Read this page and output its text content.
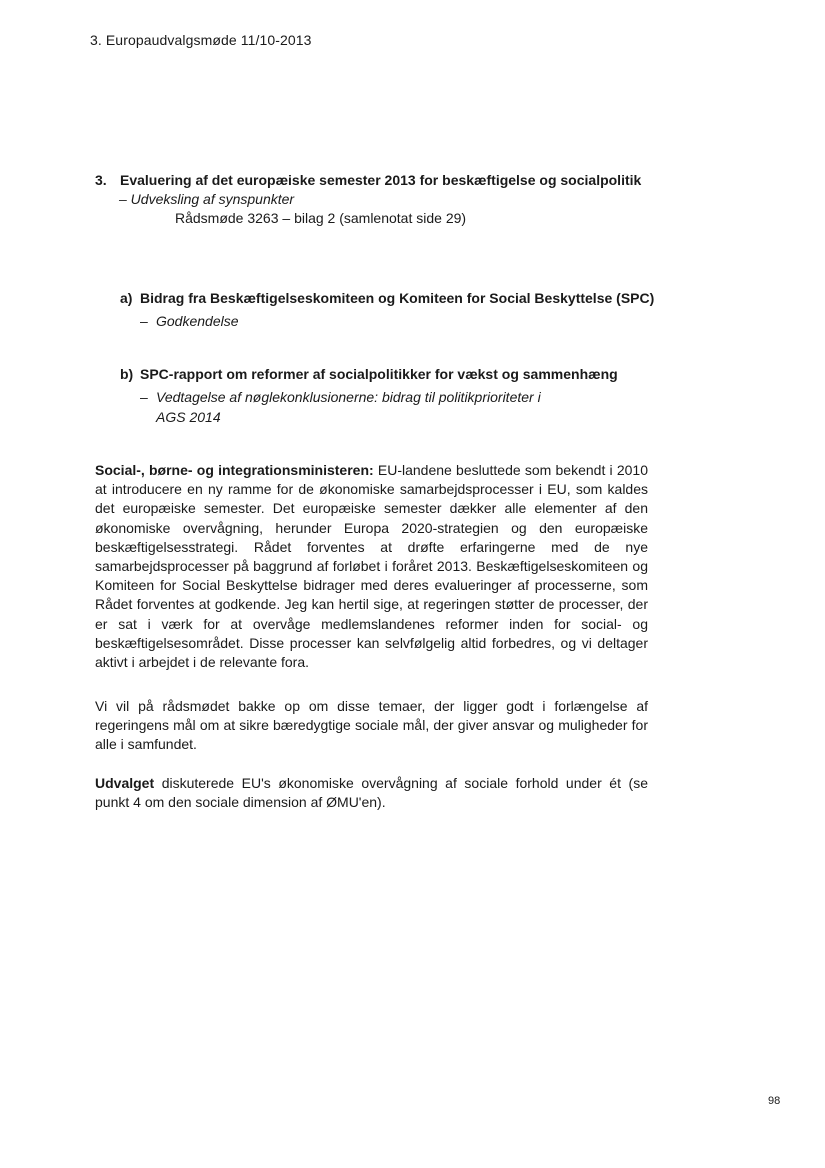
3. Europaudvalgsmøde 11/10-2013
3. Evaluering af det europæiske semester 2013 for beskæftigelse og socialpolitik
– Udveksling af synspunkter
Rådsmøde 3263 – bilag 2 (samlenotat side 29)
a) Bidrag fra Beskæftigelseskomiteen og Komiteen for Social Beskyttelse (SPC)
– Godkendelse
b) SPC-rapport om reformer af socialpolitikker for vækst og sammenhæng
– Vedtagelse af nøglekonklusionerne: bidrag til politikprioriteter i AGS 2014

Social-, børne- og integrationsministeren: EU-landene besluttede som bekendt i 2010 at introducere en ny ramme for de økonomiske samarbejdsprocesser i EU, som kaldes det europæiske semester. Det europæiske semester dækker alle elementer af den økonomiske overvågning, herunder Europa 2020-strategien og den europæiske beskæftigelsesstrategi. Rådet forventes at drøfte erfaringerne med de nye samarbejdsprocesser på baggrund af forløbet i foråret 2013. Beskæftigelseskomiteen og Komiteen for Social Beskyttelse bidrager med deres evalueringer af processerne, som Rådet forventes at godkende. Jeg kan hertil sige, at regeringen støtter de processer, der er sat i værk for at overvåge medlemslandenes reformer inden for social- og beskæftigelsesområdet. Disse processer kan selvfølgelig altid forbedres, og vi deltager aktivt i arbejdet i de relevante fora.

Vi vil på rådsmødet bakke op om disse temaer, der ligger godt i forlængelse af regeringens mål om at sikre bæredygtige sociale mål, der giver ansvar og muligheder for alle i samfundet.

Udvalget diskuterede EU's økonomiske overvågning af sociale forhold under ét (se punkt 4 om den sociale dimension af ØMU'en).

98
